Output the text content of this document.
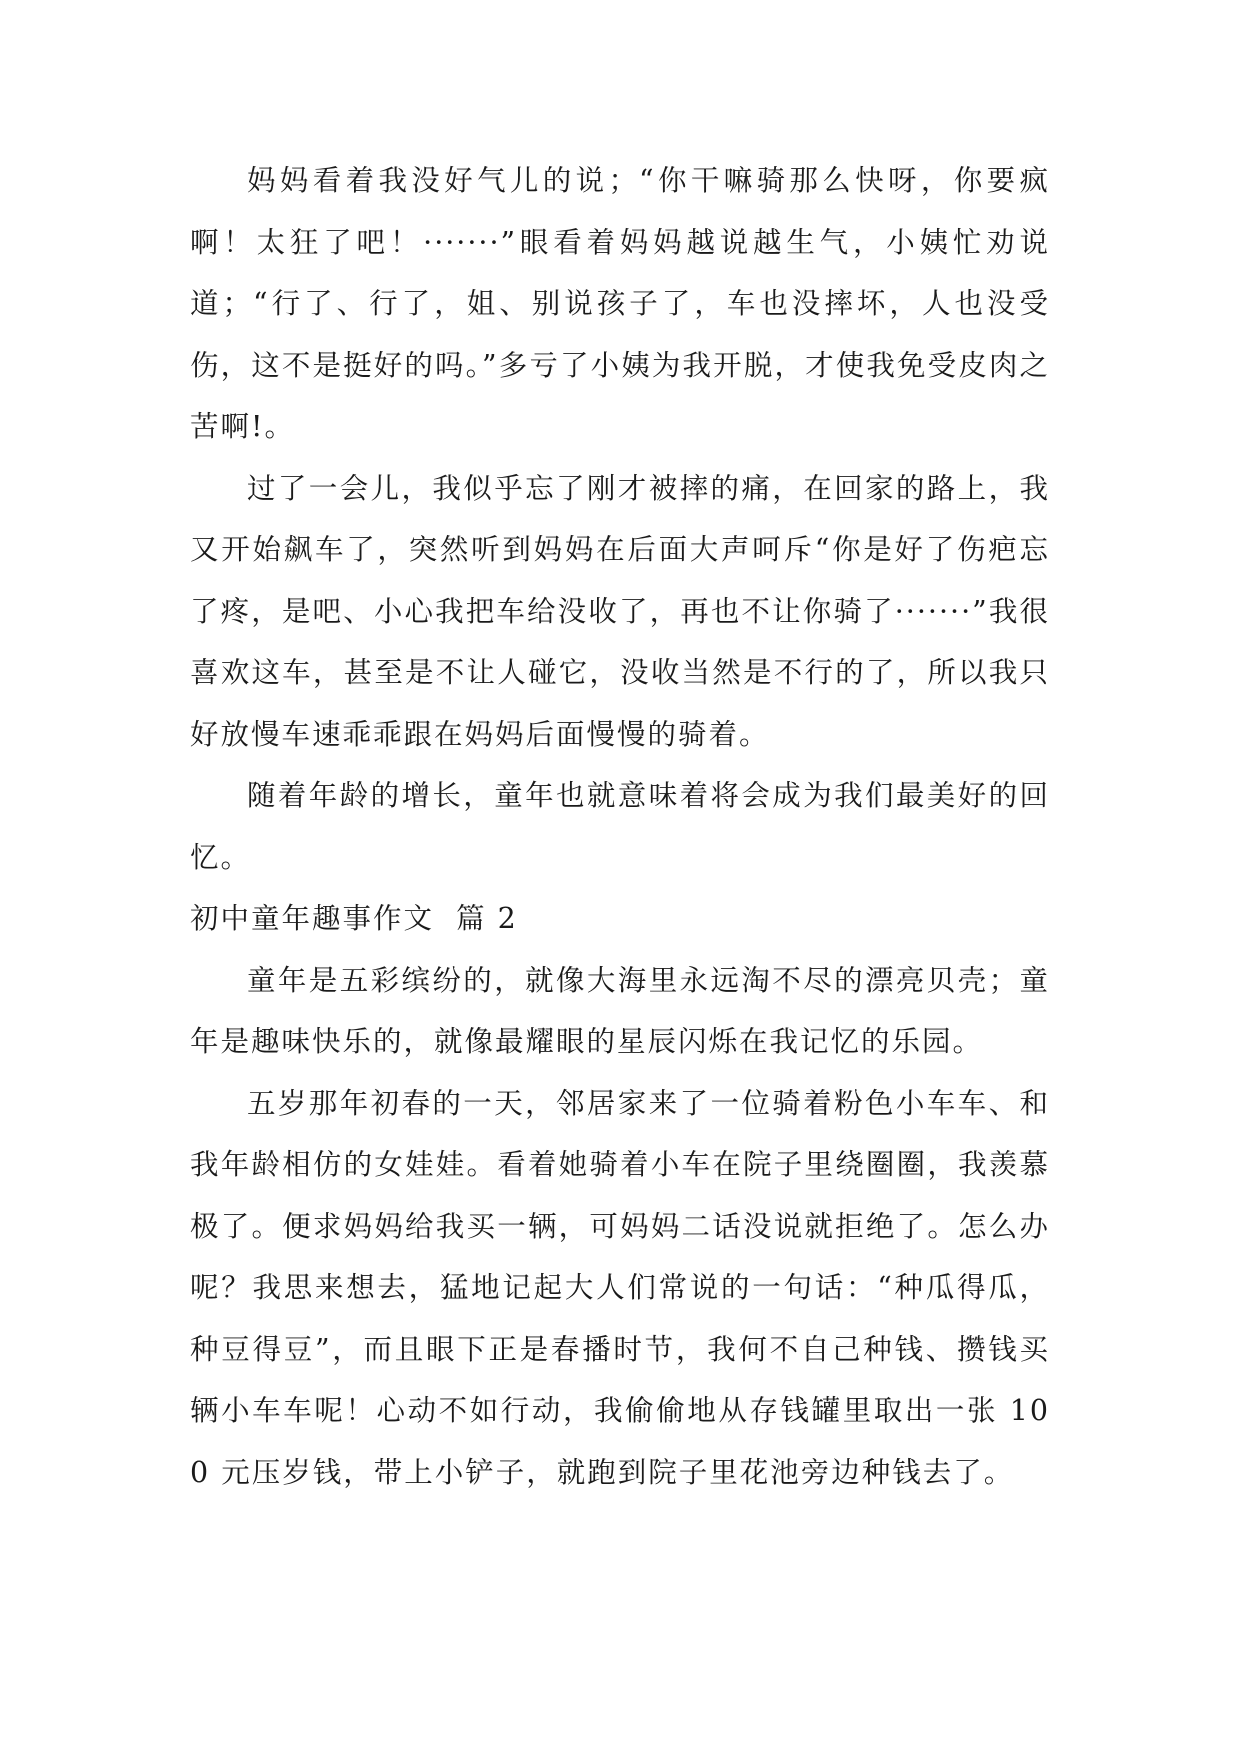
妈妈看着我没好气儿的说；“你干嘛骑那么快呀，你要疯啊！太狂了吧！·······”眼看着妈妈越说越生气，小姨忙劝说道；“行了、行了，姐、别说孩子了，车也没摔坏，人也没受伤，这不是挺好的吗。”多亏了小姨为我开脱，才使我免受皮肉之苦啊!。

过了一会儿，我似乎忘了刚才被摔的痛，在回家的路上，我又开始飙车了，突然听到妈妈在后面大声呵斥“你是好了伤疤忘了疼，是吧、小心我把车给没收了，再也不让你骑了·······”我很喜欢这车，甚至是不让人碰它，没收当然是不行的了，所以我只好放慢车速乖乖跟在妈妈后面慢慢的骑着。

随着年龄的增长，童年也就意味着将会成为我们最美好的回忆。

初中童年趣事作文  篇 2

童年是五彩缤纷的，就像大海里永远淘不尽的漂亮贝壳；童年是趣味快乐的，就像最耀眼的星辰闪烁在我记忆的乐园。

五岁那年初春的一天，邻居家来了一位骑着粉色小车车、和我年龄相仿的女娃娃。看着她骑着小车在院子里绕圈圈，我羡慕极了。便求妈妈给我买一辆，可妈妈二话没说就拒绝了。怎么办呢？我思来想去，猛地记起大人们常说的一句话：“种瓜得瓜，种豆得豆”，而且眼下正是春播时节，我何不自己种钱、攒钱买辆小车车呢！心动不如行动，我偷偷地从存钱罐里取出一张 100 元压岁钱，带上小铲子，就跑到院子里花池旁边种钱去了。
